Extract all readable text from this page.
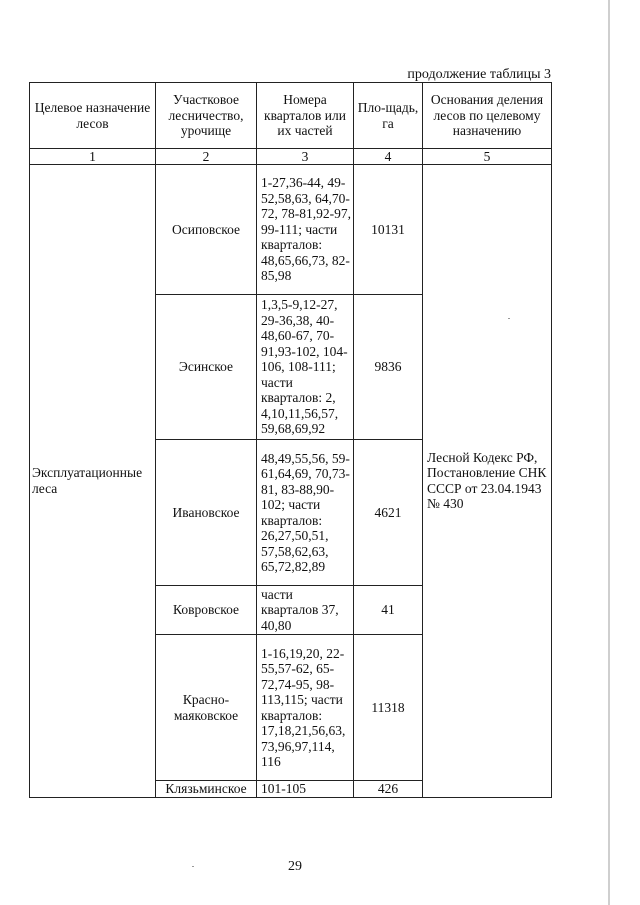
продолжение таблицы 3
Целевое назначение лесов	Участковое лесничество, урочище	Номера кварталов или их частей	Пло-щадь, га	Основания деления лесов по целевому назначению
1	2	3	4	5
Эксплуатационные леса	Осиповское	1-27,36-44, 49-52,58,63, 64,70-72, 78-81,92-97, 99-111; части кварталов: 48,65,66,73, 82-85,98	10131	Лесной Кодекс РФ, Постановление СНК СССР от 23.04.1943 № 430
	Эсинское	1,3,5-9,12-27, 29-36,38, 40-48,60-67, 70-91,93-102, 104-106, 108-111; части кварталов: 2, 4,10,11,56,57, 59,68,69,92	9836	
	Ивановское	48,49,55,56, 59-61,64,69, 70,73-81, 83-88,90-102; части кварталов: 26,27,50,51, 57,58,62,63, 65,72,82,89	4621	
	Ковровское	части кварталов 37, 40,80	41	
	Красно-маяковское	1-16,19,20, 22-55,57-62, 65-72,74-95, 98-113,115; части кварталов: 17,18,21,56,63, 73,96,97,114, 116	11318	
	Клязьминское	101-105	426	
29
